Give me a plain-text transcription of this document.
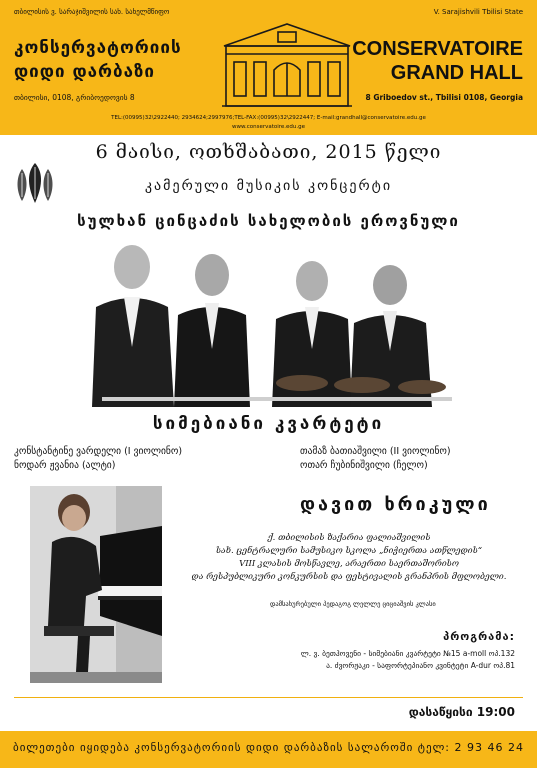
თბილისის ვ. სარაჯიშვილის სახ. სახელმწიფო
კონსერვატორიის
დიდი დარბაზი
თბილისი, 0108, გრიბოედოვის 8
V. Sarajishvili Tbilisi State
CONSERVATOIRE
GRAND HALL
8 Griboedov st., Tbilisi 0108, Georgia
TEL:(00995)32\2922440; 2934624;2997976;TEL-FAX:(00995)32\2922447; E-mail:grandhall@conservatoire.edu.ge
www.conservatoire.edu.ge
6 მაისი, ოთხშაბათი, 2015 წელი
კამერული მუსიკის კონცერტი
სულხან ცინცაძის სახელობის ეროვნული
სიმებიანი კვარტეტი
კონსტანტინე ვარდელი (I ვიოლინო)	თამაზ ბათიაშვილი (II ვიოლინო)
ნოდარ ჟვანია (ალტი)	ოთარ ჩუბინიშვილი (ჩელო)
დავით ხრიკული
ქ. თბილისის ზაქარია ფალიაშვილის
სახ. ცენტრალური სამუსიკო სკოლა „ნიჭიერთა ათწლედის“
VIII კლასის მოსწავლე, არაერთი საერთაშორისო
და რესპუბლიკური კონკურსის და ფესტივალის გრანპრის მფლობელი.
დამსახურებული პედაგოგ ლელლე ციციაშვის კლასი
პროგრამა:
ლ. ვ. ბეთჰოვენი - სიმებიანი კვარტეტი №15 a-moll ოპ.132
ა. ძვორჟაკი - საფორტეპიანო კვინტეტი A-dur ოპ.81
დასაწყისი 19:00
ბილეთები იყიდება კონსერვატორიის დიდი დარბაზის სალაროში ტელ: 2 93 46 24
